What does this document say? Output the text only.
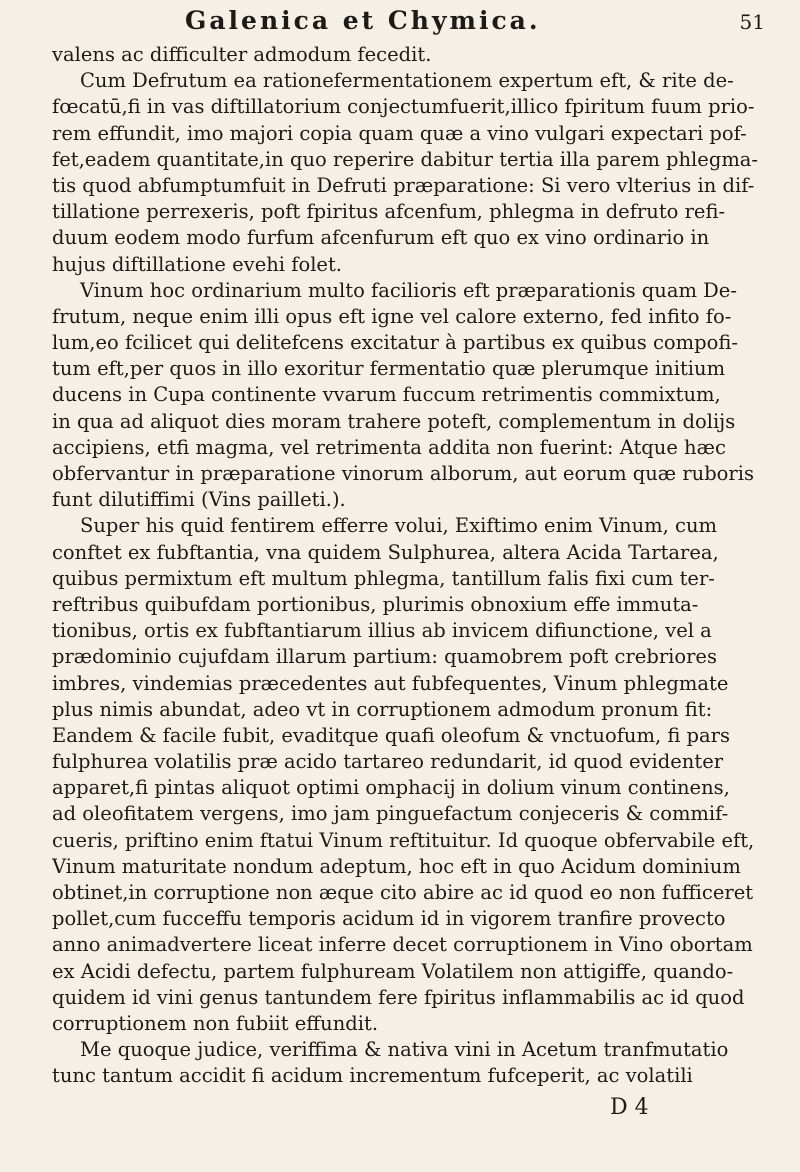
Galenica et Chymica.	51
valens ac difficulter admodum fecedit.
Cum Defrutum ea rationefermentationem expertum eft, & rite de-
fœcatū,fi in vas diftillatorium conjectumfuerit,illico fpiritum fuum prio-
rem effundit, imo majori copia quam quæ a vino vulgari expectari pof-
fet,eadem quantitate,in quo reperire dabitur tertia illa parem phlegma-
tis quod abfumptumfuit in Defruti præparatione: Si vero vlterius in dif-
tillatione perrexeris, poft fpiritus afcenfum, phlegma in defruto refi-
duum eodem modo furfum afcenfurum eft quo ex vino ordinario in
hujus diftillatione evehi folet.
Vinum hoc ordinarium multo facilioris eft præparationis quam De-
frutum, neque enim illi opus eft igne vel calore externo, fed infito fo-
lum,eo fcilicet qui delitefcens excitatur à partibus ex quibus compofi-
tum eft,per quos in illo exoritur fermentatio quæ plerumque initium
ducens in Cupa continente vvarum fuccum retrimentis commixtum,
in qua ad aliquot dies moram trahere poteft, complementum in dolijs
accipiens, etfi magma, vel retrimenta addita non fuerint: Atque hæc
obfervantur in præparatione vinorum alborum, aut eorum quæ ruboris
funt dilutiffimi (Vins pailleti.).
Super his quid fentirem efferre volui, Exiftimo enim Vinum, cum
conftet ex fubftantia, vna quidem Sulphurea, altera Acida Tartarea,
quibus permixtum eft multum phlegma, tantillum falis fixi cum ter-
reftribus quibufdam portionibus, plurimis obnoxium effe immuta-
tionibus, ortis ex fubftantiarum illius ab invicem difiunctione, vel a
prædominio cujufdam illarum partium: quamobrem poft crebriores
imbres, vindemias præcedentes aut fubfequentes, Vinum phlegmate
plus nimis abundat, adeo vt in corruptionem admodum pronum fit:
Eandem & facile fubit, evaditque quafi oleofum & vnctuofum, fi pars
fulphurea volatilis præ acido tartareo redundarit, id quod evidenter
apparet,fi pintas aliquot optimi omphacij in dolium vinum continens,
ad oleofitatem vergens, imo jam pinguefactum conjeceris & commif-
cueris, priftino enim ftatui Vinum reftituitur. Id quoque obfervabile eft,
Vinum maturitate nondum adeptum, hoc eft in quo Acidum dominium
obtinet,in corruptione non æque cito abire ac id quod eo non fufficeret
pollet,cum fucceffu temporis acidum id in vigorem tranfire provecto
anno animadvertere liceat inferre decet corruptionem in Vino obortam
ex Acidi defectu, partem fulphuream Volatilem non attigiffe, quando-
quidem id vini genus tantundem fere fpiritus inflammabilis ac id quod
corruptionem non fubiit effundit.
Me quoque judice, veriffima & nativa vini in Acetum tranfmutatio
tunc tantum accidit fi acidum incrementum fufceperit, ac volatili
D 4
